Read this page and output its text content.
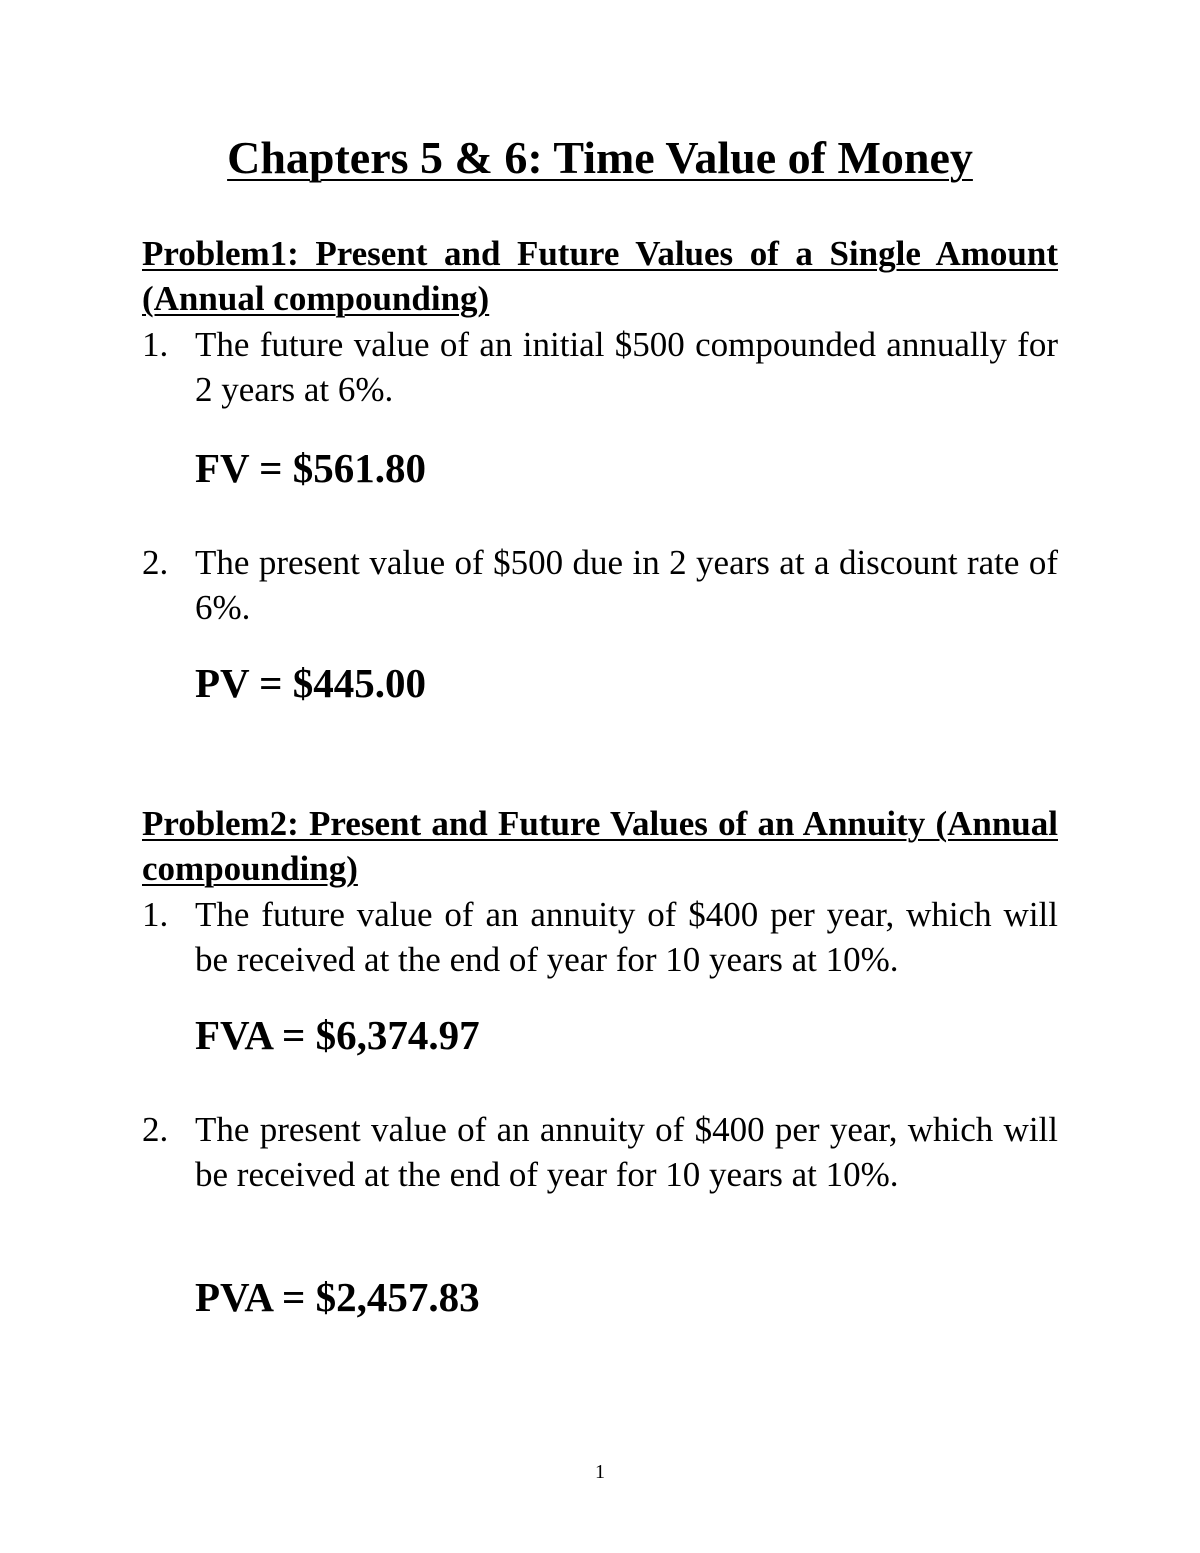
Chapters 5 & 6: Time Value of Money
Problem1: Present and Future Values of a Single Amount (Annual compounding)
1. The future value of an initial $500 compounded annually for 2 years at 6%.
FV = $561.80
2. The present value of $500 due in 2 years at a discount rate of 6%.
PV = $445.00
Problem2: Present and Future Values of an Annuity (Annual compounding)
1. The future value of an annuity of $400 per year, which will be received at the end of year for 10 years at 10%.
FVA = $6,374.97
2. The present value of an annuity of $400 per year, which will be received at the end of year for 10 years at 10%.
PVA = $2,457.83
1
